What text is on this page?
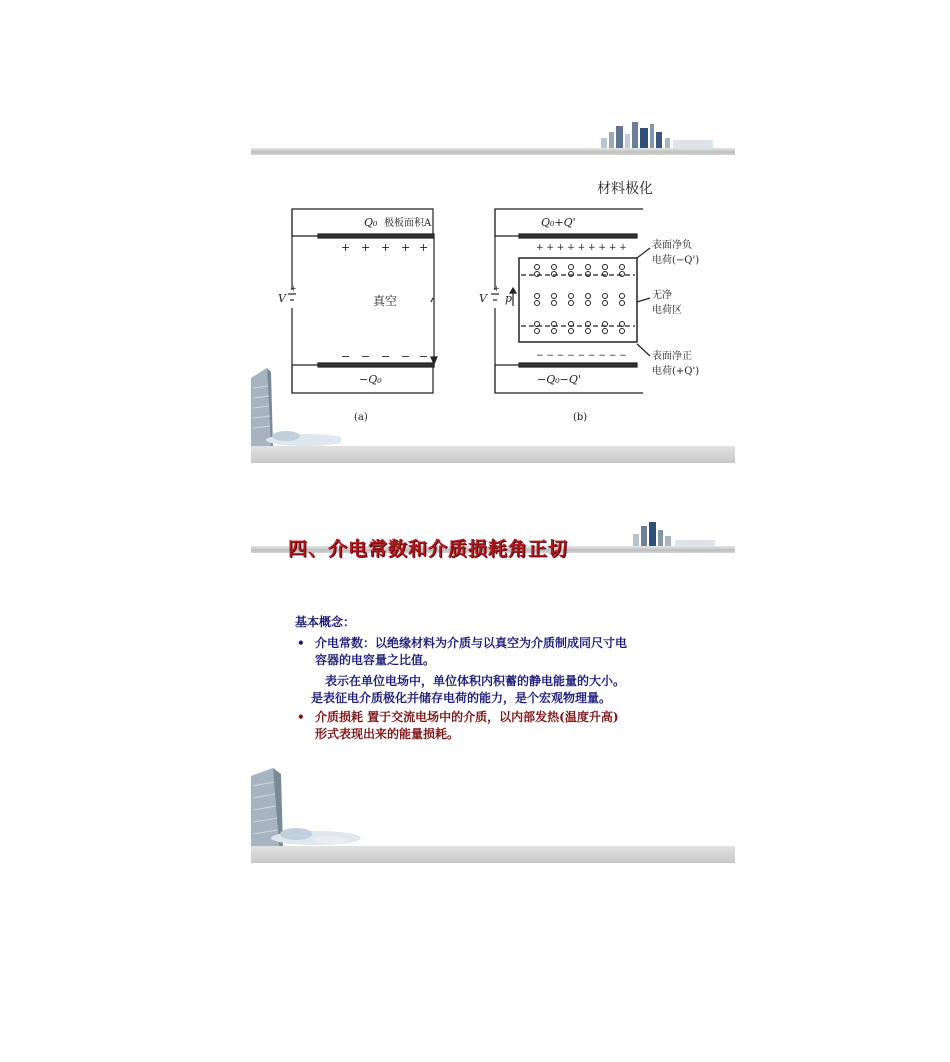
材料极化
+ + + + +
− − − − −
Q₀ 极板面积A
V
+
真空
−Q₀
(a)
+ + + + + + + + +
− − − − − − − − −
Q₀+Q'
V
+
p
表面净负
电荷(−Q')
无净
电荷区
表面净正
电荷(+Q')
−Q₀−Q'
(b)
四、介电常数和介质损耗角正切
基本概念：
• 介电常数：以绝缘材料为介质与以真空为介质制成同尺寸电
容器的电容量之比值。
表示在单位电场中，单位体积内积蓄的静电能量的大小。
是表征电介质极化并储存电荷的能力，是个宏观物理量。
• 介质损耗 置于交流电场中的介质，以内部发热(温度升高)
形式表现出来的能量损耗。
